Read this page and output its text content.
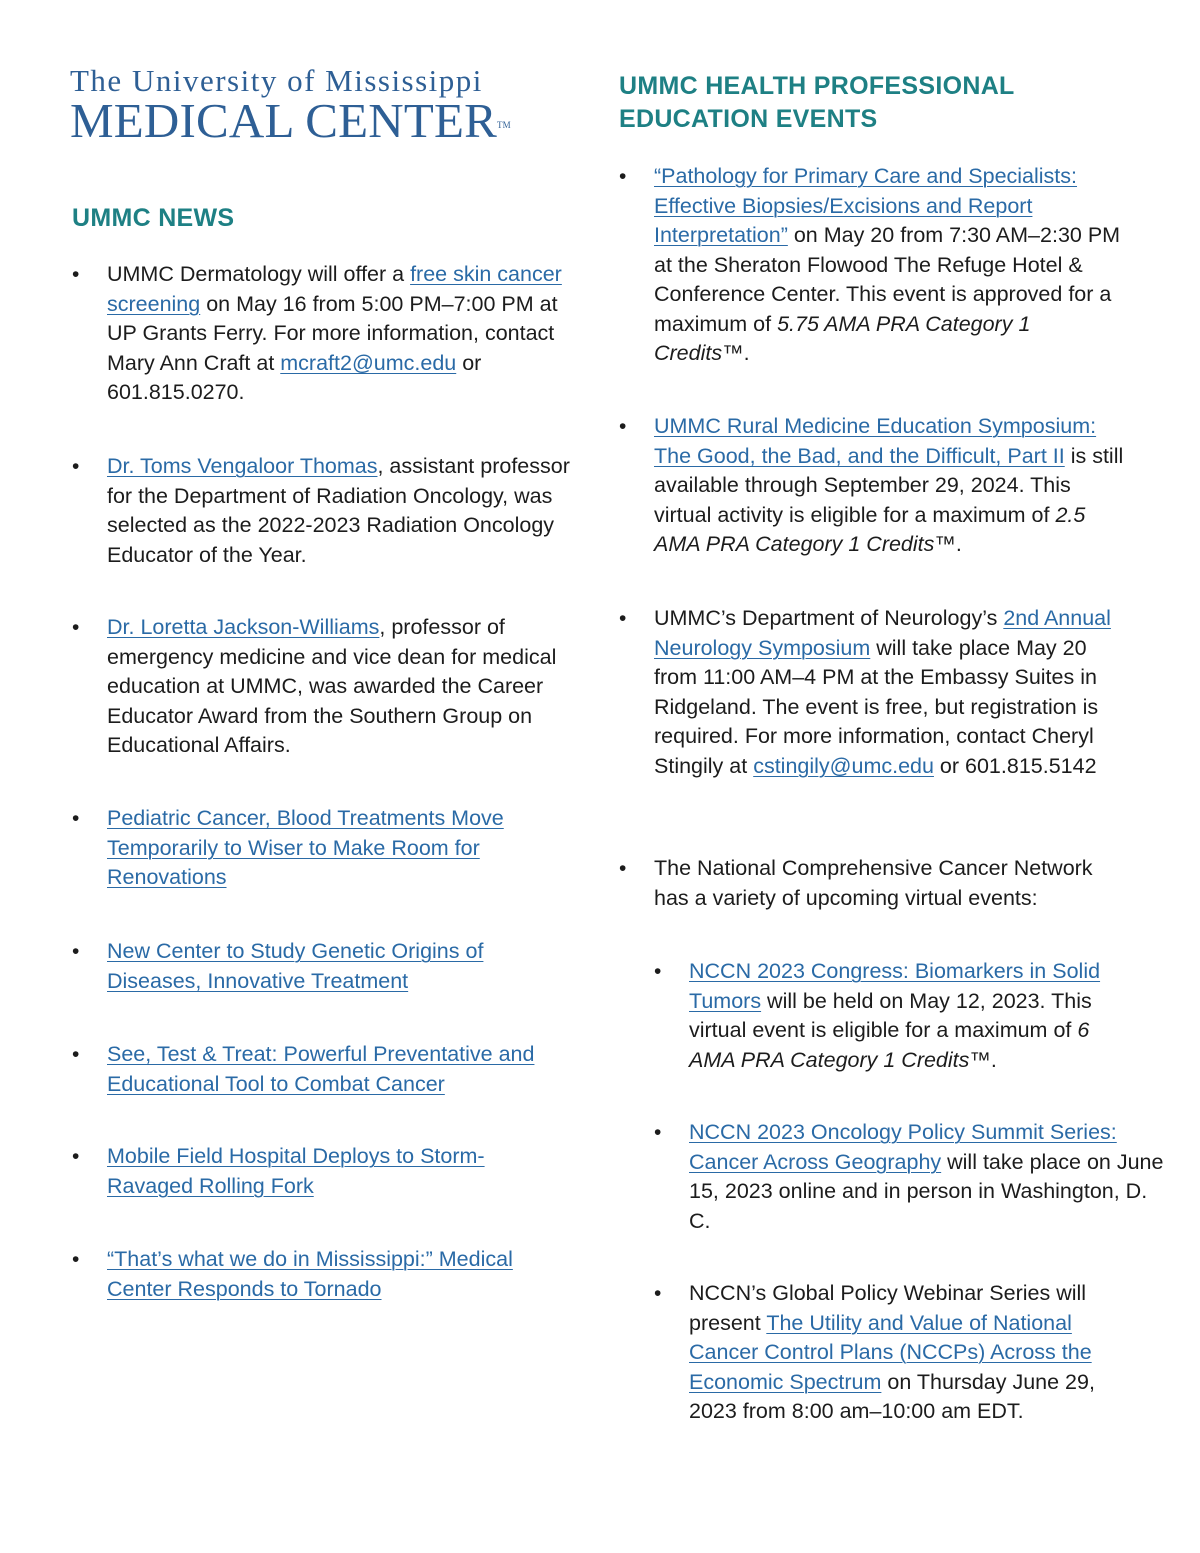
The University of Mississippi
MEDICAL CENTER™
UMMC NEWS
• UMMC Dermatology will offer a free skin cancer screening on May 16 from 5:00 PM–7:00 PM at UP Grants Ferry. For more information, contact Mary Ann Craft at mcraft2@umc.edu or 601.815.0270.
• Dr. Toms Vengaloor Thomas, assistant professor for the Department of Radiation Oncology, was selected as the 2022-2023 Radiation Oncology Educator of the Year.
• Dr. Loretta Jackson-Williams, professor of emergency medicine and vice dean for medical education at UMMC, was awarded the Career Educator Award from the Southern Group on Educational Affairs.
• Pediatric Cancer, Blood Treatments Move Temporarily to Wiser to Make Room for Renovations
• New Center to Study Genetic Origins of Diseases, Innovative Treatment
• See, Test & Treat: Powerful Preventative and Educational Tool to Combat Cancer
• Mobile Field Hospital Deploys to Storm-Ravaged Rolling Fork
• “That’s what we do in Mississippi:” Medical Center Responds to Tornado
UMMC HEALTH PROFESSIONAL EDUCATION EVENTS
• “Pathology for Primary Care and Specialists: Effective Biopsies/Excisions and Report Interpretation” on May 20 from 7:30 AM–2:30 PM at the Sheraton Flowood The Refuge Hotel & Conference Center. This event is approved for a maximum of 5.75 AMA PRA Category 1 Credits™.
• UMMC Rural Medicine Education Symposium: The Good, the Bad, and the Difficult, Part II is still available through September 29, 2024. This virtual activity is eligible for a maximum of 2.5 AMA PRA Category 1 Credits™.
• UMMC’s Department of Neurology’s 2nd Annual Neurology Symposium will take place May 20 from 11:00 AM–4 PM at the Embassy Suites in Ridgeland. The event is free, but registration is required. For more information, contact Cheryl Stingily at cstingily@umc.edu or 601.815.5142
• The National Comprehensive Cancer Network has a variety of upcoming virtual events:
• NCCN 2023 Congress: Biomarkers in Solid Tumors will be held on May 12, 2023. This virtual event is eligible for a maximum of 6 AMA PRA Category 1 Credits™.
• NCCN 2023 Oncology Policy Summit Series: Cancer Across Geography will take place on June 15, 2023 online and in person in Washington, D. C.
• NCCN’s Global Policy Webinar Series will present The Utility and Value of National Cancer Control Plans (NCCPs) Across the Economic Spectrum on Thursday June 29, 2023 from 8:00 am–10:00 am EDT.
